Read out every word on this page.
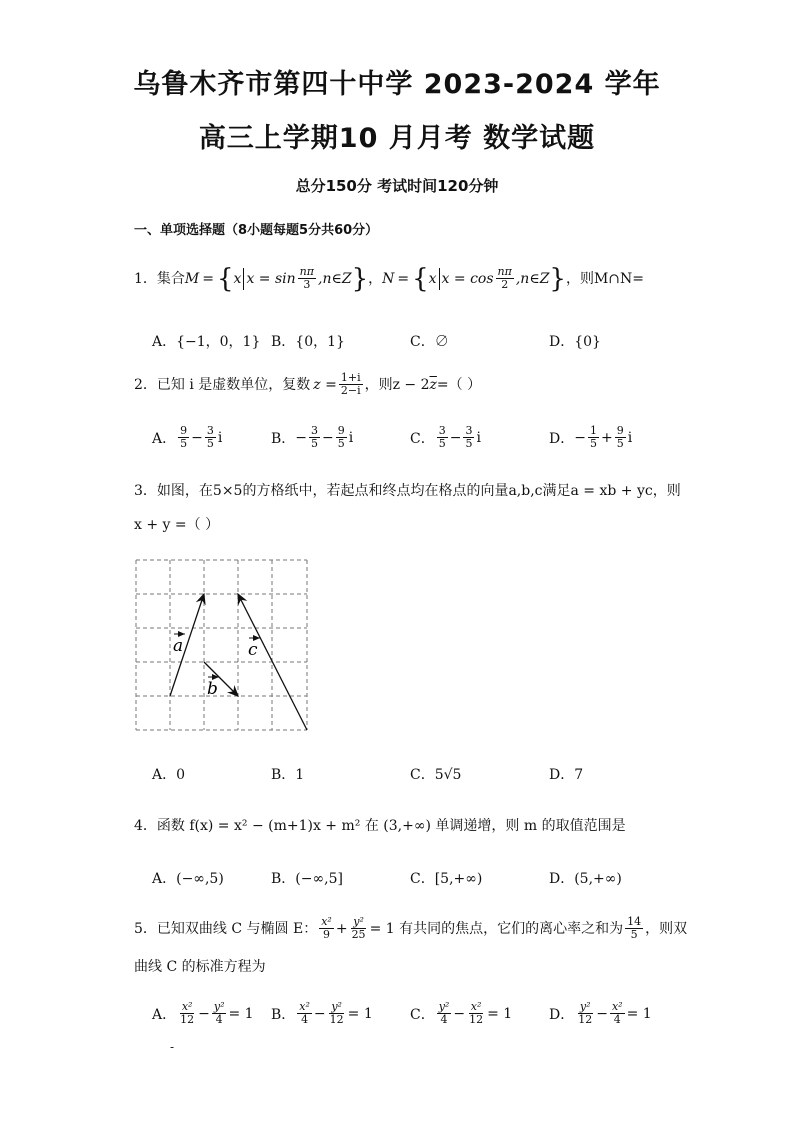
乌鲁木齐市第四十中学 2023-2024 学年
高三上学期10 月月考 数学试题
总分150分 考试时间120分钟
一、单项选择题（8小题每题5分共60分）
1．集合 M = { x $x = \sin \frac{n\pi}{3}$ ,n∈Z } ， N = { x $x = \cos \frac{n\pi}{2}$ ,n∈Z } ，则M∩N=
A．{−1，0，1} B．{0，1}	C．∅	D．{0}
2．已知 i 是虚数单位，复数 $z = \frac{1+i}{2-i}$ ，则z − 2 $\overline{z}$ =（ ）
A． $\frac{9}{5} - \frac{3}{5}$ i	B． − $\frac{3}{5} - \frac{9}{5}$ i	C． $\frac{3}{5} - \frac{3}{5}$ i	D． − $\frac{1}{5} + \frac{9}{5}$ i
3．如图，在5×5的方格纸中，若起点和终点均在格点的向量a,b,c满足a = xb + yc，则
x + y =（ ）
a
b
c
A．0	B．1	C．5√5	D．7
4．函数 f(x) = x² − (m+1)x + m² 在 (3,+∞) 单调递增，则 m 的取值范围是
A．(−∞,5)	B．(−∞,5]	C．[5,+∞)	D．(5,+∞)
5．已知双曲线 C 与椭圆 E： $\frac{\text{x²}}{9} + \frac{\text{y²}}{25} = 1$ 有共同的焦点，它们的离心率之和为 $\frac{14}{5}$ ，则双
曲线 C 的标准方程为
A． $\frac{\text{x²}}{12} - \frac{\text{y²}}{4} = 1$ B． $\frac{\text{x²}}{4} - \frac{\text{y²}}{12} = 1$	C． $\frac{\text{y²}}{4} - \frac{\text{x²}}{12} = 1$	D． $\frac{\text{y²}}{12} - \frac{\text{x²}}{4} = 1$
-
